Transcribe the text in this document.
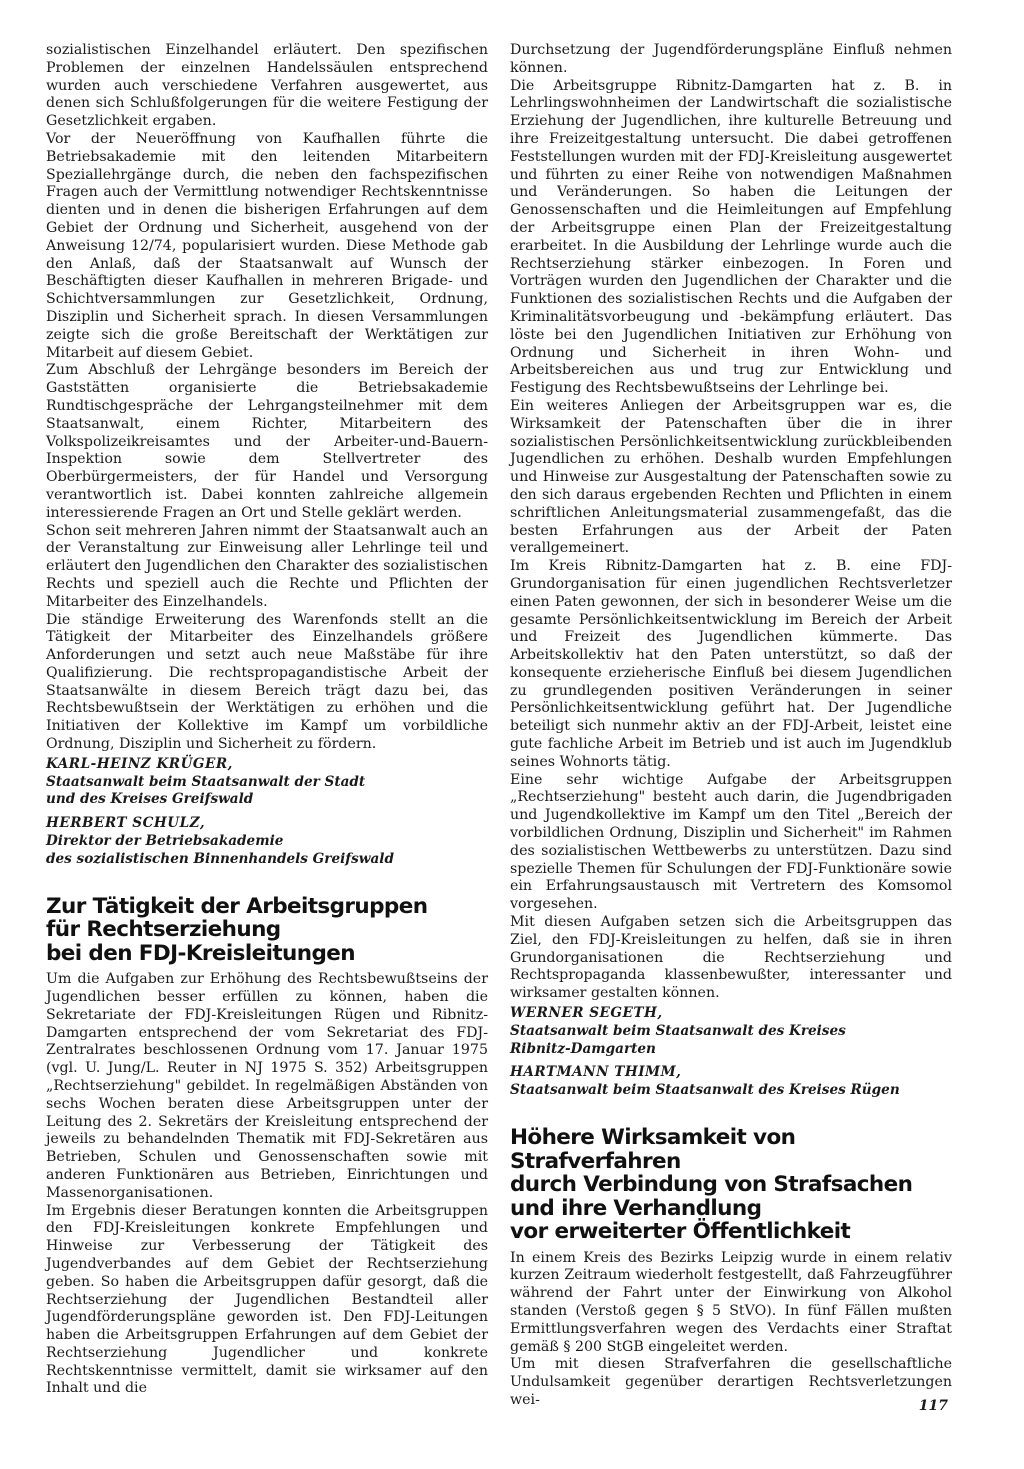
sozialistischen Einzelhandel erläutert. Den spezifischen Problemen der einzelnen Handelssäulen entsprechend wurden auch verschiedene Verfahren ausgewertet, aus denen sich Schlußfolgerungen für die weitere Festigung der Gesetzlichkeit ergaben.

Vor der Neueröffnung von Kaufhallen führte die Betriebsakademie mit den leitenden Mitarbeitern Speziallehrgänge durch, die neben den fachspezifischen Fragen auch der Vermittlung notwendiger Rechtskenntnisse dienten und in denen die bisherigen Erfahrungen auf dem Gebiet der Ordnung und Sicherheit, ausgehend von der Anweisung 12/74, popularisiert wurden. Diese Methode gab den Anlaß, daß der Staatsanwalt auf Wunsch der Beschäftigten dieser Kaufhallen in mehreren Brigade- und Schichtversammlungen zur Gesetzlichkeit, Ordnung, Disziplin und Sicherheit sprach. In diesen Versammlungen zeigte sich die große Bereitschaft der Werktätigen zur Mitarbeit auf diesem Gebiet.

Zum Abschluß der Lehrgänge besonders im Bereich der Gaststätten organisierte die Betriebsakademie Rundtischgespräche der Lehrgangsteilnehmer mit dem Staatsanwalt, einem Richter, Mitarbeitern des Volkspolizeikreisamtes und der Arbeiter-und-Bauern-Inspektion sowie dem Stellvertreter des Oberbürgermeisters, der für Handel und Versorgung verantwortlich ist. Dabei konnten zahlreiche allgemein interessierende Fragen an Ort und Stelle geklärt werden.

Schon seit mehreren Jahren nimmt der Staatsanwalt auch an der Veranstaltung zur Einweisung aller Lehrlinge teil und erläutert den Jugendlichen den Charakter des sozialistischen Rechts und speziell auch die Rechte und Pflichten der Mitarbeiter des Einzelhandels.

Die ständige Erweiterung des Warenfonds stellt an die Tätigkeit der Mitarbeiter des Einzelhandels größere Anforderungen und setzt auch neue Maßstäbe für ihre Qualifizierung. Die rechtspropagandistische Arbeit der Staatsanwälte in diesem Bereich trägt dazu bei, das Rechtsbewußtsein der Werktätigen zu erhöhen und die Initiativen der Kollektive im Kampf um vorbildliche Ordnung, Disziplin und Sicherheit zu fördern.

KARL-HEINZ KRÜGER,
Staatsanwalt beim Staatsanwalt der Stadt
und des Kreises Greifswald
HERBERT SCHULZ,
Direktor der Betriebsakademie
des sozialistischen Binnenhandels Greifswald
Zur Tätigkeit der Arbeitsgruppen
für Rechtserziehung
bei den FDJ-Kreisleitungen

Um die Aufgaben zur Erhöhung des Rechtsbewußtseins der Jugendlichen besser erfüllen zu können, haben die Sekretariate der FDJ-Kreisleitungen Rügen und Ribnitz-Damgarten entsprechend der vom Sekretariat des FDJ-Zentralrates beschlossenen Ordnung vom 17. Januar 1975 (vgl. U. Jung/L. Reuter in NJ 1975 S. 352) Arbeitsgruppen „Rechtserziehung" gebildet. In regelmäßigen Abständen von sechs Wochen beraten diese Arbeitsgruppen unter der Leitung des 2. Sekretärs der Kreisleitung entsprechend der jeweils zu behandelnden Thematik mit FDJ-Sekretären aus Betrieben, Schulen und Genossenschaften sowie mit anderen Funktionären aus Betrieben, Einrichtungen und Massenorganisationen.

Im Ergebnis dieser Beratungen konnten die Arbeitsgruppen den FDJ-Kreisleitungen konkrete Empfehlungen und Hinweise zur Verbesserung der Tätigkeit des Jugendverbandes auf dem Gebiet der Rechtserziehung geben. So haben die Arbeitsgruppen dafür gesorgt, daß die Rechtserziehung der Jugendlichen Bestandteil aller Jugendförderungspläne geworden ist. Den FDJ-Leitungen haben die Arbeitsgruppen Erfahrungen auf dem Gebiet der Rechtserziehung Jugendlicher und konkrete Rechtskenntnisse vermittelt, damit sie wirksamer auf den Inhalt und die

Durchsetzung der Jugendförderungspläne Einfluß nehmen können.

Die Arbeitsgruppe Ribnitz-Damgarten hat z. B. in Lehrlingswohnheimen der Landwirtschaft die sozialistische Erziehung der Jugendlichen, ihre kulturelle Betreuung und ihre Freizeitgestaltung untersucht. Die dabei getroffenen Feststellungen wurden mit der FDJ-Kreisleitung ausgewertet und führten zu einer Reihe von notwendigen Maßnahmen und Veränderungen. So haben die Leitungen der Genossenschaften und die Heimleitungen auf Empfehlung der Arbeitsgruppe einen Plan der Freizeitgestaltung erarbeitet. In die Ausbildung der Lehrlinge wurde auch die Rechtserziehung stärker einbezogen. In Foren und Vorträgen wurden den Jugendlichen der Charakter und die Funktionen des sozialistischen Rechts und die Aufgaben der Kriminalitätsvorbeugung und -bekämpfung erläutert. Das löste bei den Jugendlichen Initiativen zur Erhöhung von Ordnung und Sicherheit in ihren Wohn- und Arbeitsbereichen aus und trug zur Entwicklung und Festigung des Rechtsbewußtseins der Lehrlinge bei.

Ein weiteres Anliegen der Arbeitsgruppen war es, die Wirksamkeit der Patenschaften über die in ihrer sozialistischen Persönlichkeitsentwicklung zurückbleibenden Jugendlichen zu erhöhen. Deshalb wurden Empfehlungen und Hinweise zur Ausgestaltung der Patenschaften sowie zu den sich daraus ergebenden Rechten und Pflichten in einem schriftlichen Anleitungsmaterial zusammengefaßt, das die besten Erfahrungen aus der Arbeit der Paten verallgemeinert.

Im Kreis Ribnitz-Damgarten hat z. B. eine FDJ-Grundorganisation für einen jugendlichen Rechtsverletzer einen Paten gewonnen, der sich in besonderer Weise um die gesamte Persönlichkeitsentwicklung im Bereich der Arbeit und Freizeit des Jugendlichen kümmerte. Das Arbeitskollektiv hat den Paten unterstützt, so daß der konsequente erzieherische Einfluß bei diesem Jugendlichen zu grundlegenden positiven Veränderungen in seiner Persönlichkeitsentwicklung geführt hat. Der Jugendliche beteiligt sich nunmehr aktiv an der FDJ-Arbeit, leistet eine gute fachliche Arbeit im Betrieb und ist auch im Jugendklub seines Wohnorts tätig.

Eine sehr wichtige Aufgabe der Arbeitsgruppen „Rechtserziehung" besteht auch darin, die Jugendbrigaden und Jugendkollektive im Kampf um den Titel „Bereich der vorbildlichen Ordnung, Disziplin und Sicherheit" im Rahmen des sozialistischen Wettbewerbs zu unterstützen. Dazu sind spezielle Themen für Schulungen der FDJ-Funktionäre sowie ein Erfahrungsaustausch mit Vertretern des Komsomol vorgesehen.

Mit diesen Aufgaben setzen sich die Arbeitsgruppen das Ziel, den FDJ-Kreisleitungen zu helfen, daß sie in ihren Grundorganisationen die Rechtserziehung und Rechtspropaganda klassenbewußter, interessanter und wirksamer gestalten können.

WERNER SEGETH,
Staatsanwalt beim Staatsanwalt des Kreises
Ribnitz-Damgarten
HARTMANN THIMM,
Staatsanwalt beim Staatsanwalt des Kreises Rügen
Höhere Wirksamkeit von Strafverfahren
durch Verbindung von Strafsachen
und ihre Verhandlung
vor erweiterter Öffentlichkeit

In einem Kreis des Bezirks Leipzig wurde in einem relativ kurzen Zeitraum wiederholt festgestellt, daß Fahrzeugführer während der Fahrt unter der Einwirkung von Alkohol standen (Verstoß gegen § 5 StVO). In fünf Fällen mußten Ermittlungsverfahren wegen des Verdachts einer Straftat gemäß § 200 StGB eingeleitet werden.

Um mit diesen Strafverfahren die gesellschaftliche Undulsamkeit gegenüber derartigen Rechtsverletzungen wei-	117
